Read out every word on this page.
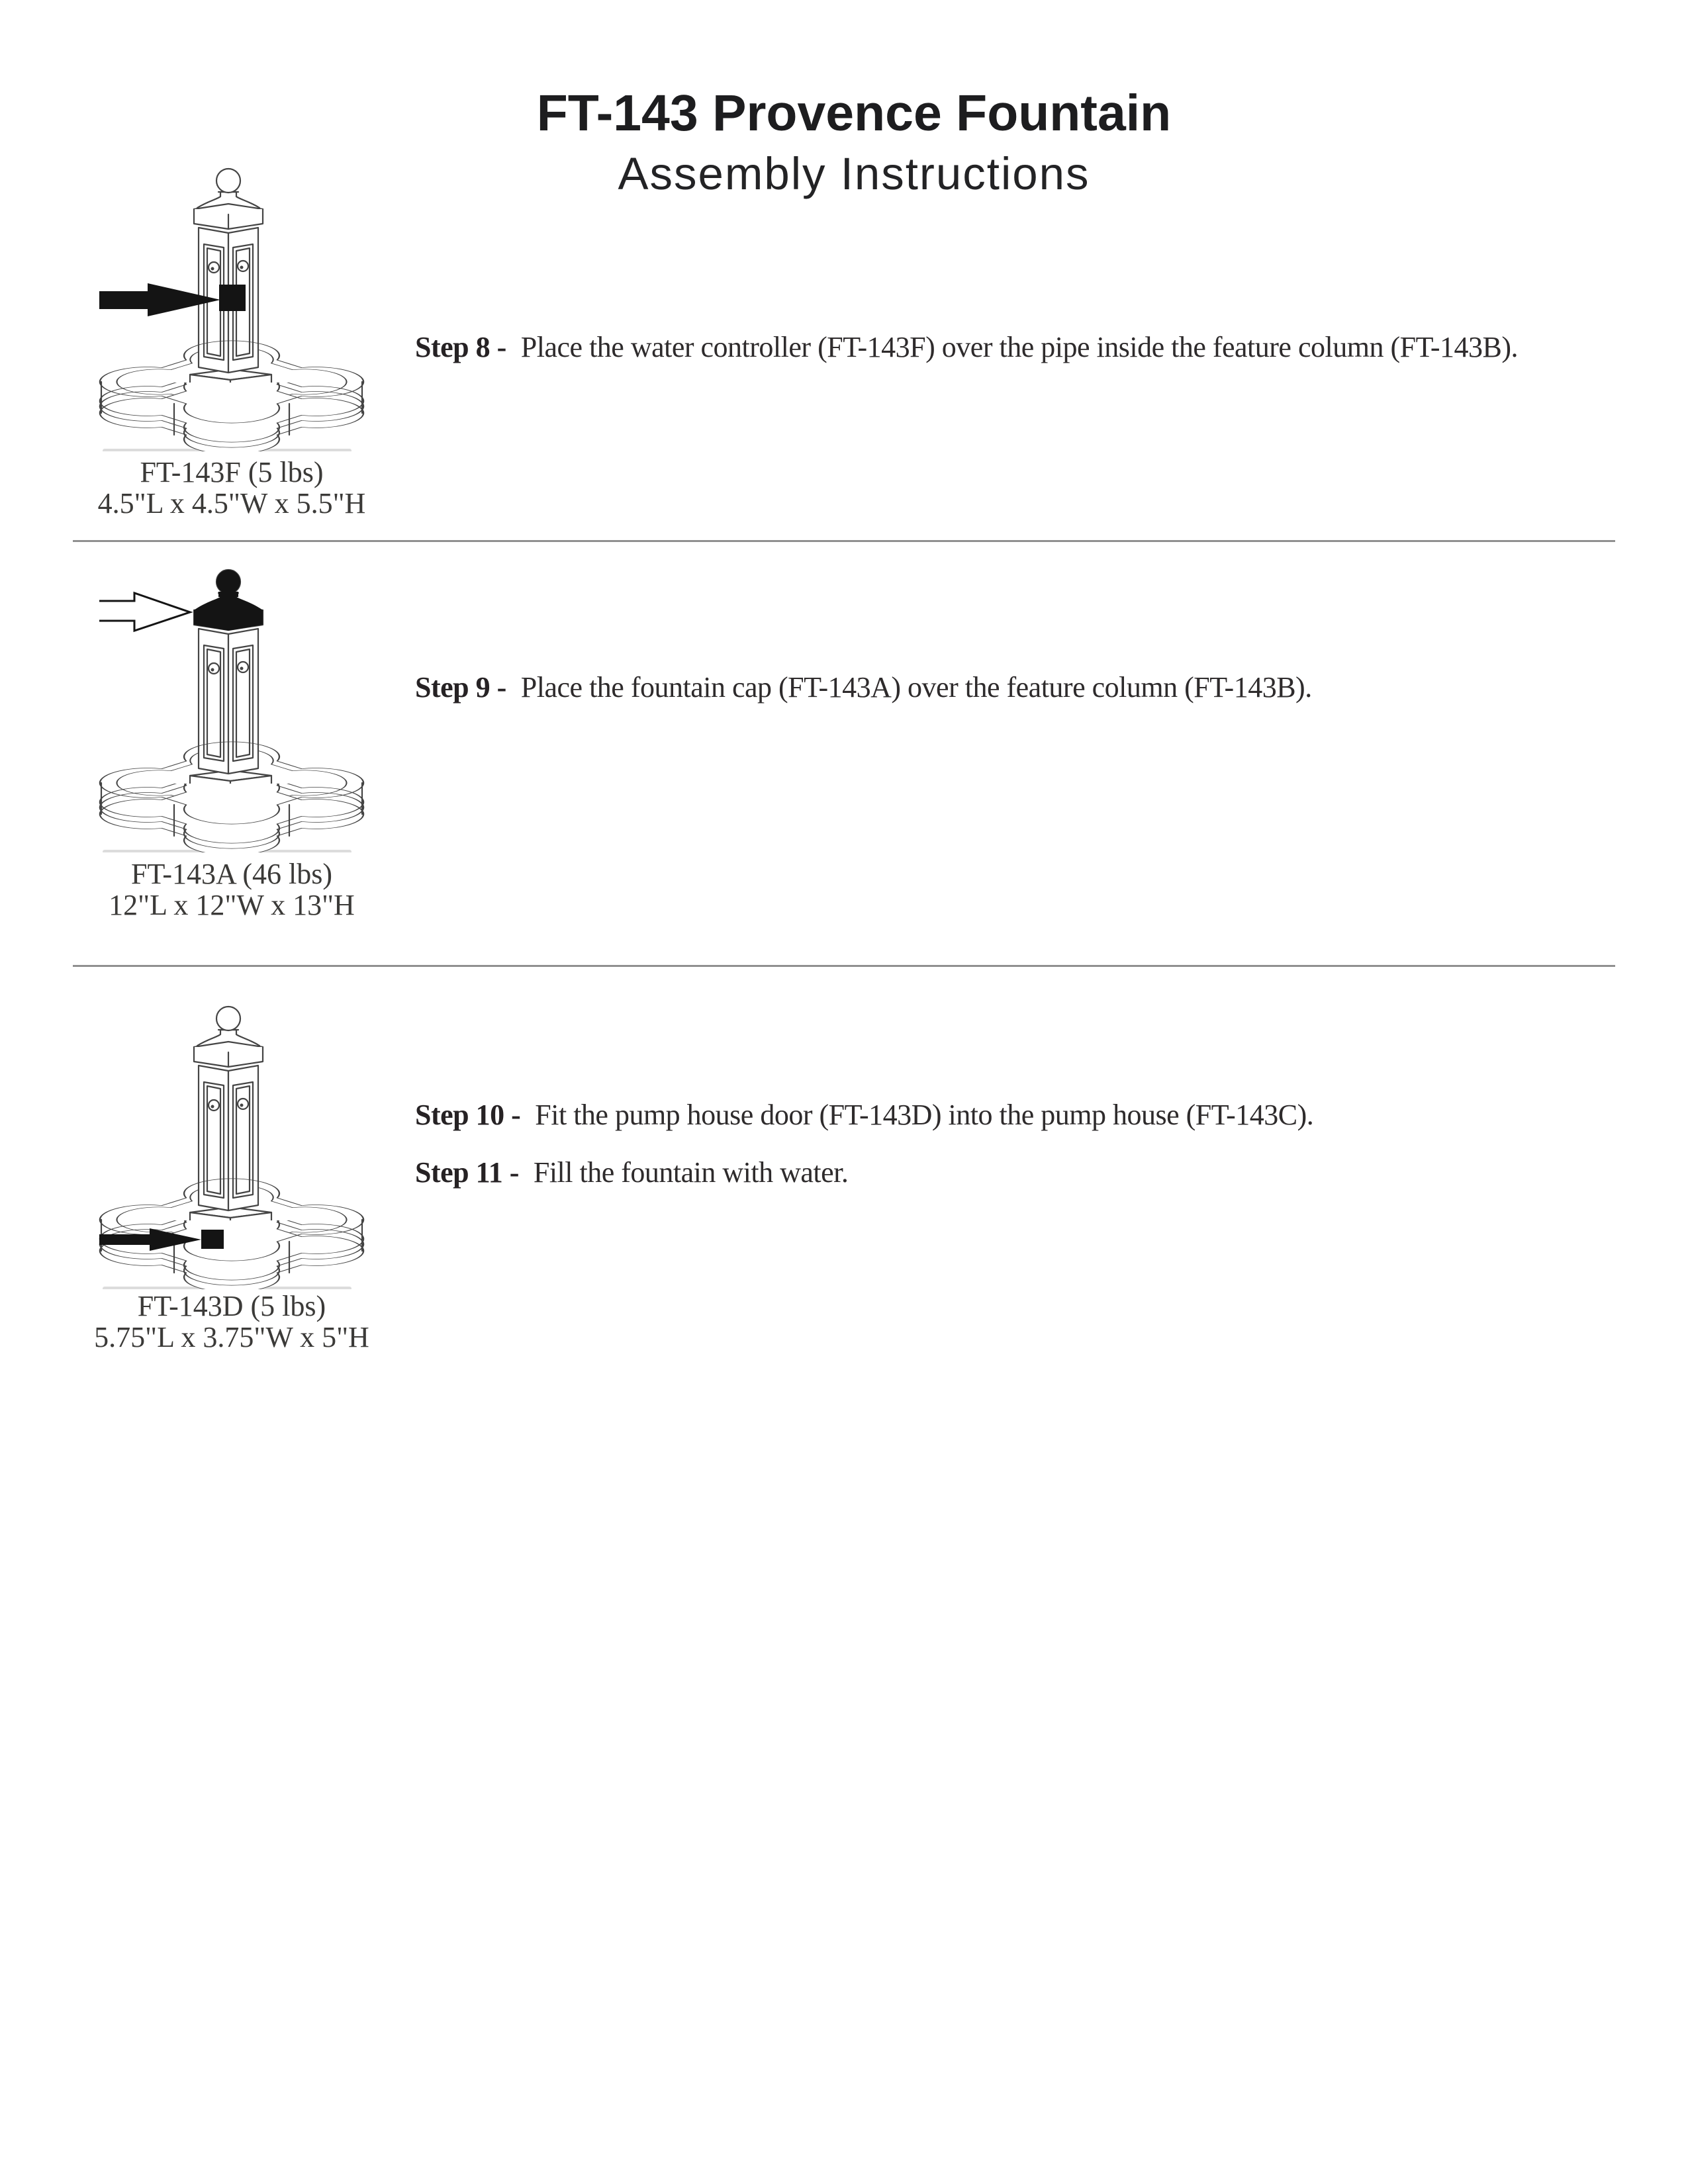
FT-143 Provence Fountain
Assembly Instructions
FT-143F (5 lbs)
4.5"L x 4.5"W x 5.5"H
Step 8 - Place the water controller (FT-143F) over the pipe inside the feature column (FT-143B).
FT-143A (46 lbs)
12"L x 12"W x 13"H
Step 9 - Place the fountain cap (FT-143A) over the feature column (FT-143B).
FT-143D (5 lbs)
5.75"L x 3.75"W x 5"H
Step 10 - Fit the pump house door (FT-143D) into the pump house (FT-143C).
Step 11 - Fill the fountain with water.
